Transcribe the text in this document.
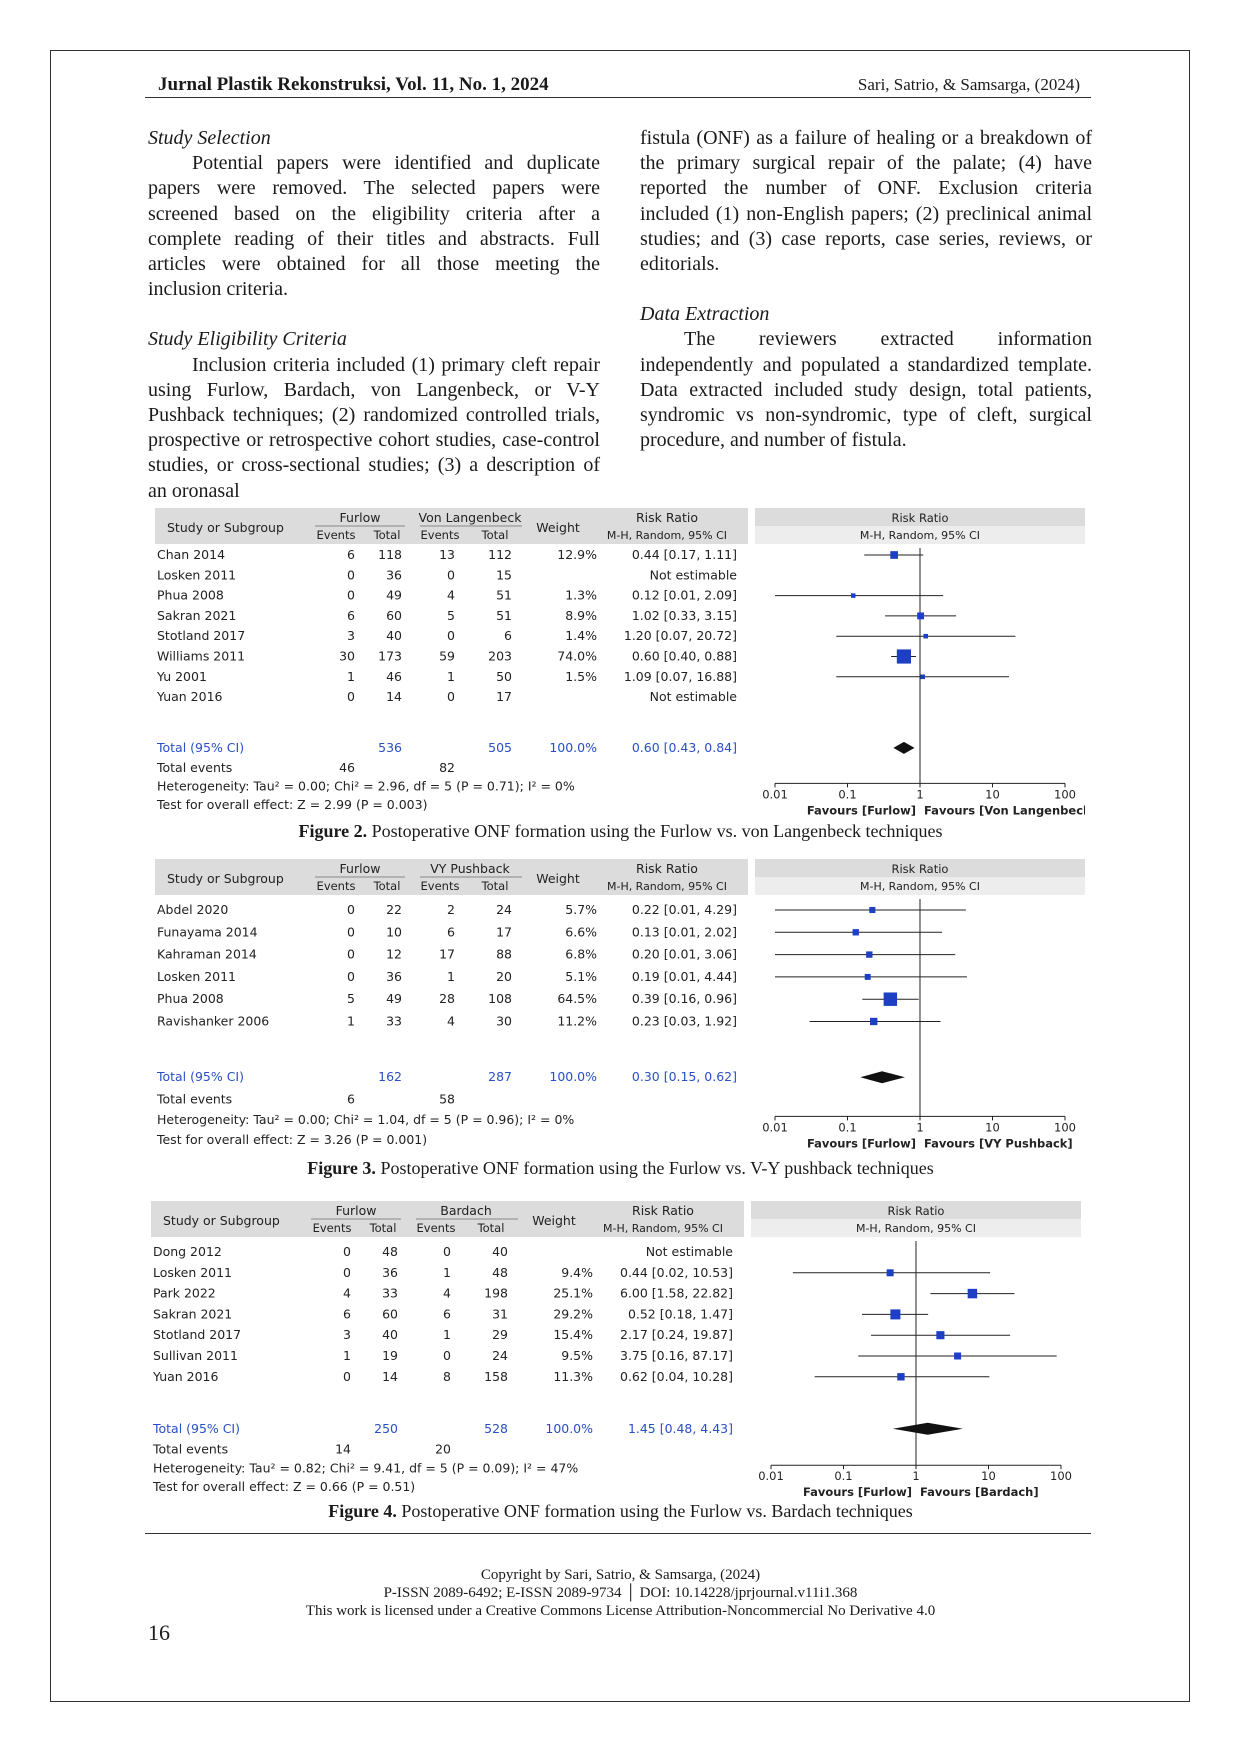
Jurnal Plastik Rekonstruksi, Vol. 11, No. 1, 2024	Sari, Satrio, & Samsarga, (2024)

Study Selection

Potential papers were identified and duplicate papers were removed. The selected papers were screened based on the eligibility criteria after a complete reading of their titles and abstracts. Full articles were obtained for all those meeting the inclusion criteria.

Study Eligibility Criteria

Inclusion criteria included (1) primary cleft repair using Furlow, Bardach, von Langenbeck, or V-Y Pushback techniques; (2) randomized controlled trials, prospective or retrospective cohort studies, case-control studies, or cross-sectional studies; (3) a description of an oronasal

fistula (ONF) as a failure of healing or a breakdown of the primary surgical repair of the palate; (4) have reported the number of ONF. Exclusion criteria included (1) non-English papers; (2) preclinical animal studies; and (3) case reports, case series, reviews, or editorials.

Data Extraction

The reviewers extracted information independently and populated a standardized template. Data extracted included study design, total patients, syndromic vs non-syndromic, type of cleft, surgical procedure, and number of fistula.

Study or Subgroup
Furlow	Von Langenbeck
Events Total Events Total Weight
Risk Ratio
M-H, Random, 95% CI
Risk Ratio
M-H, Random, 95% CI
0.01	0.1	1	10	100
Favours [Furlow] Favours [Von Langenbeck]
Chan 2014	6 118	13	112	12.9%	0.44 [0.17, 1.11]
Losken 2011	0 36	0	15	Not estimable
Phua 2008	0 49	4	51	1.3%	0.12 [0.01, 2.09]
Sakran 2021	6 60	5	51	8.9%	1.02 [0.33, 3.15]
Stotland 2017	3 40	0	6	1.4% 1.20 [0.07, 20.72]
Williams 2011	30 173	59	203	74.0%	0.60 [0.40, 0.88]
Yu 2001	1 46	1	50	1.5% 1.09 [0.07, 16.88]
Yuan 2016	0 14	0	17	Not estimable
Total (95% CI)	536	505	100.0%	0.60 [0.43, 0.84]
Total events	46	82
Heterogeneity: Tau² = 0.00; Chi² = 2.96, df = 5 (P = 0.71); I² = 0%
Test for overall effect: Z = 2.99 (P = 0.003)
Figure 2. Postoperative ONF formation using the Furlow vs. von Langenbeck techniques
Study or Subgroup
Furlow	VY Pushback
Events Total Events Total Weight
Risk Ratio
M-H, Random, 95% CI
Risk Ratio
M-H, Random, 95% CI
0.01	0.1	1	10	100
Favours [Furlow] Favours [VY Pushback]
Abdel 2020	0 22	2	24	5.7%	0.22 [0.01, 4.29]
Funayama 2014	0 10	6	17	6.6%	0.13 [0.01, 2.02]
Kahraman 2014	0 12	17	88	6.8%	0.20 [0.01, 3.06]
Losken 2011	0 36	1	20	5.1%	0.19 [0.01, 4.44]
Phua 2008	5 49	28	108	64.5%	0.39 [0.16, 0.96]
Ravishanker 2006	1 33	4	30	11.2%	0.23 [0.03, 1.92]
Total (95% CI)	162	287	100.0%	0.30 [0.15, 0.62]
Total events	6	58
Heterogeneity: Tau² = 0.00; Chi² = 1.04, df = 5 (P = 0.96); I² = 0%
Test for overall effect: Z = 3.26 (P = 0.001)
Figure 3. Postoperative ONF formation using the Furlow vs. V-Y pushback techniques
Study or Subgroup
Furlow	Bardach
Events Total Events Total Weight
Risk Ratio
M-H, Random, 95% CI
Risk Ratio
M-H, Random, 95% CI
0.01	0.1	1	10	100
Favours [Furlow] Favours [Bardach]
Dong 2012	0 48	0	40	Not estimable
Losken 2011	0 36	1	48	9.4% 0.44 [0.02, 10.53]
Park 2022	4 33	4	198	25.1% 6.00 [1.58, 22.82]
Sakran 2021	6 60	6	31	29.2%	0.52 [0.18, 1.47]
Stotland 2017	3 40	1	29	15.4% 2.17 [0.24, 19.87]
Sullivan 2011	1 19	0	24	9.5% 3.75 [0.16, 87.17]
Yuan 2016	0 14	8	158	11.3% 0.62 [0.04, 10.28]
Total (95% CI)	250	528	100.0%	1.45 [0.48, 4.43]
Total events	14	20
Heterogeneity: Tau² = 0.82; Chi² = 9.41, df = 5 (P = 0.09); I² = 47%
Test for overall effect: Z = 0.66 (P = 0.51)
Figure 4. Postoperative ONF formation using the Furlow vs. Bardach techniques
Copyright by Sari, Satrio, & Samsarga, (2024)
P-ISSN 2089-6492; E-ISSN 2089-9734 │ DOI: 10.14228/jprjournal.v11i1.368
This work is licensed under a Creative Commons License Attribution-Noncommercial No Derivative 4.0
16
